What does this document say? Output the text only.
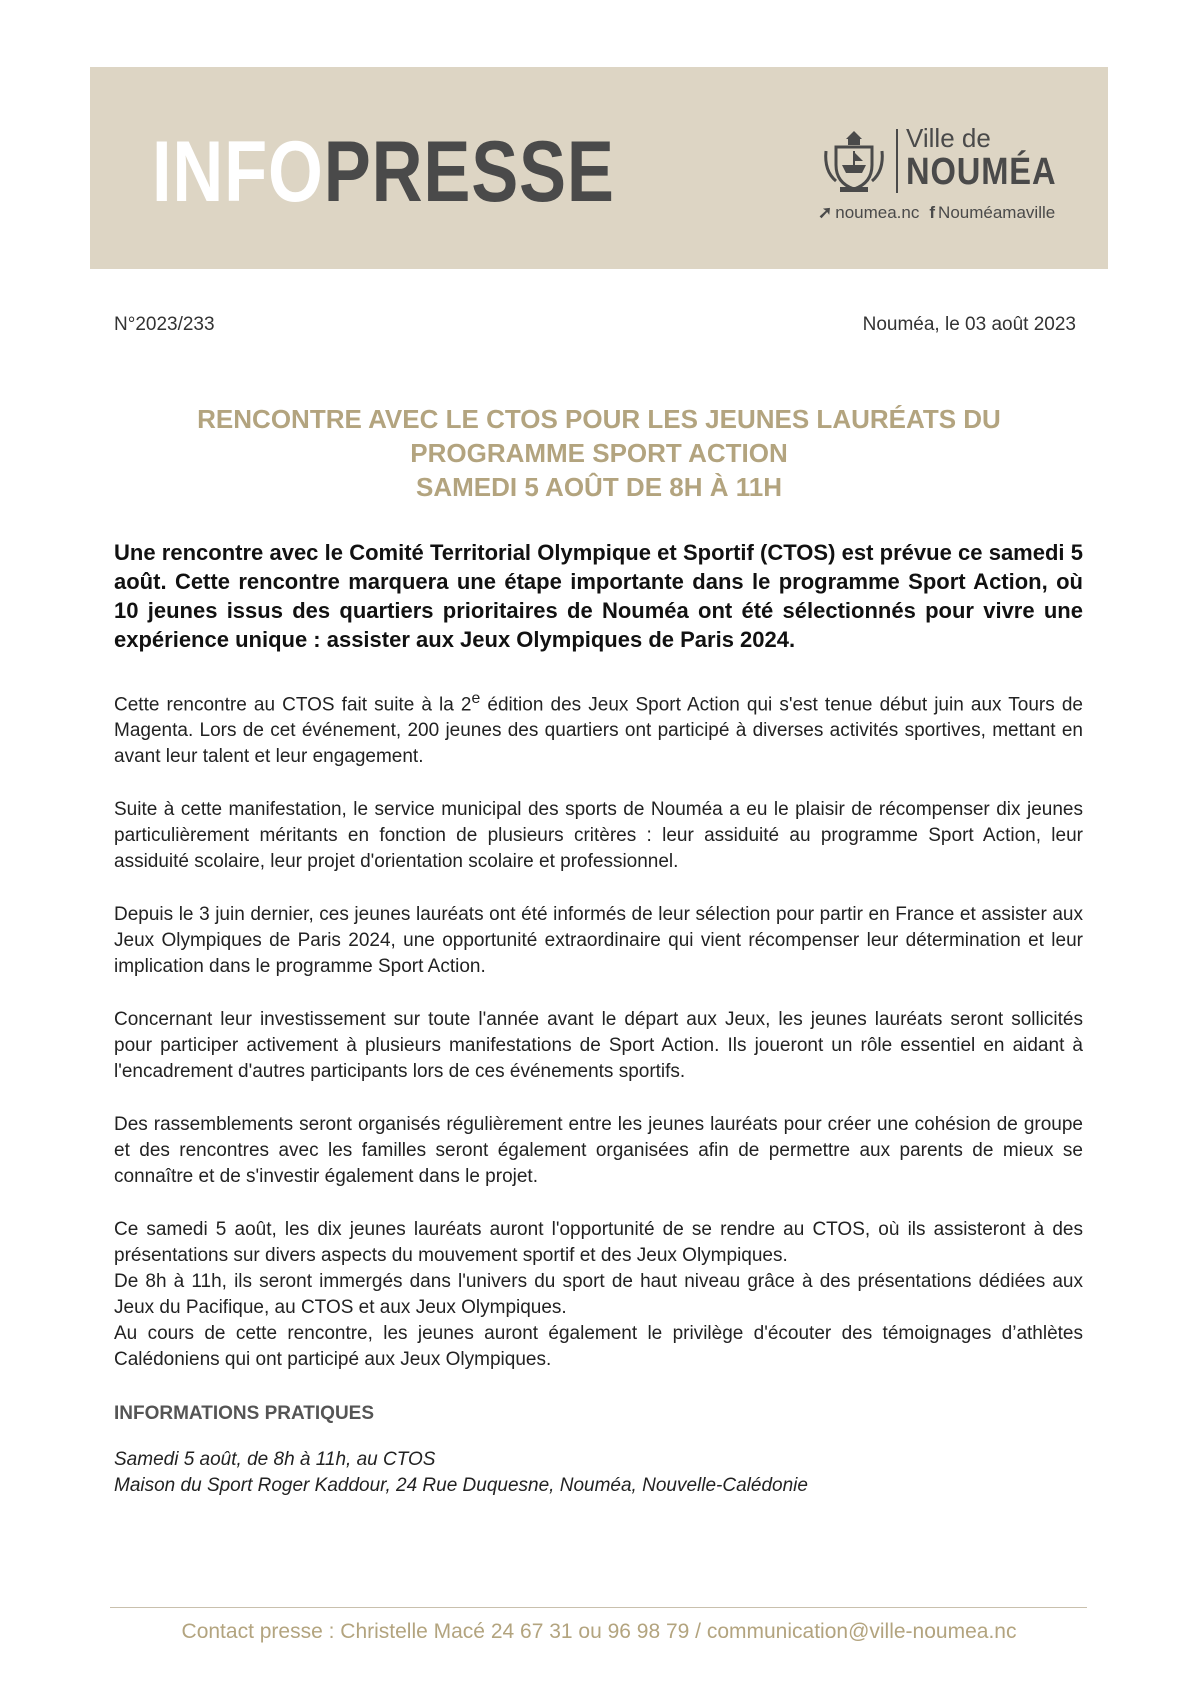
INFOPRESSE	Ville de
NOUMÉA
➚ noumea.nc f Nouméamaville
N°2023/233	Nouméa, le 03 août 2023
RENCONTRE AVEC LE CTOS POUR LES JEUNES LAURÉATS DU
PROGRAMME SPORT ACTION
SAMEDI 5 AOÛT DE 8H À 11H

Une rencontre avec le Comité Territorial Olympique et Sportif (CTOS) est prévue ce samedi 5 août. Cette rencontre marquera une étape importante dans le programme Sport Action, où 10 jeunes issus des quartiers prioritaires de Nouméa ont été sélectionnés pour vivre une expérience unique : assister aux Jeux Olympiques de Paris 2024.

Cette rencontre au CTOS fait suite à la 2e édition des Jeux Sport Action qui s'est tenue début juin aux Tours de Magenta. Lors de cet événement, 200 jeunes des quartiers ont participé à diverses activités sportives, mettant en avant leur talent et leur engagement.

Suite à cette manifestation, le service municipal des sports de Nouméa a eu le plaisir de récompenser dix jeunes particulièrement méritants en fonction de plusieurs critères : leur assiduité au programme Sport Action, leur assiduité scolaire, leur projet d'orientation scolaire et professionnel.

Depuis le 3 juin dernier, ces jeunes lauréats ont été informés de leur sélection pour partir en France et assister aux Jeux Olympiques de Paris 2024, une opportunité extraordinaire qui vient récompenser leur détermination et leur implication dans le programme Sport Action.

Concernant leur investissement sur toute l'année avant le départ aux Jeux, les jeunes lauréats seront sollicités pour participer activement à plusieurs manifestations de Sport Action. Ils joueront un rôle essentiel en aidant à l'encadrement d'autres participants lors de ces événements sportifs.

Des rassemblements seront organisés régulièrement entre les jeunes lauréats pour créer une cohésion de groupe et des rencontres avec les familles seront également organisées afin de permettre aux parents de mieux se connaître et de s'investir également dans le projet.

Ce samedi 5 août, les dix jeunes lauréats auront l'opportunité de se rendre au CTOS, où ils assisteront à des présentations sur divers aspects du mouvement sportif et des Jeux Olympiques.

De 8h à 11h, ils seront immergés dans l'univers du sport de haut niveau grâce à des présentations dédiées aux Jeux du Pacifique, au CTOS et aux Jeux Olympiques.

Au cours de cette rencontre, les jeunes auront également le privilège d'écouter des témoignages d’athlètes Calédoniens qui ont participé aux Jeux Olympiques.

INFORMATIONS PRATIQUES

Samedi 5 août, de 8h à 11h, au CTOS

Maison du Sport Roger Kaddour, 24 Rue Duquesne, Nouméa, Nouvelle-Calédonie

Contact presse : Christelle Macé 24 67 31 ou 96 98 79 / communication@ville-noumea.nc
